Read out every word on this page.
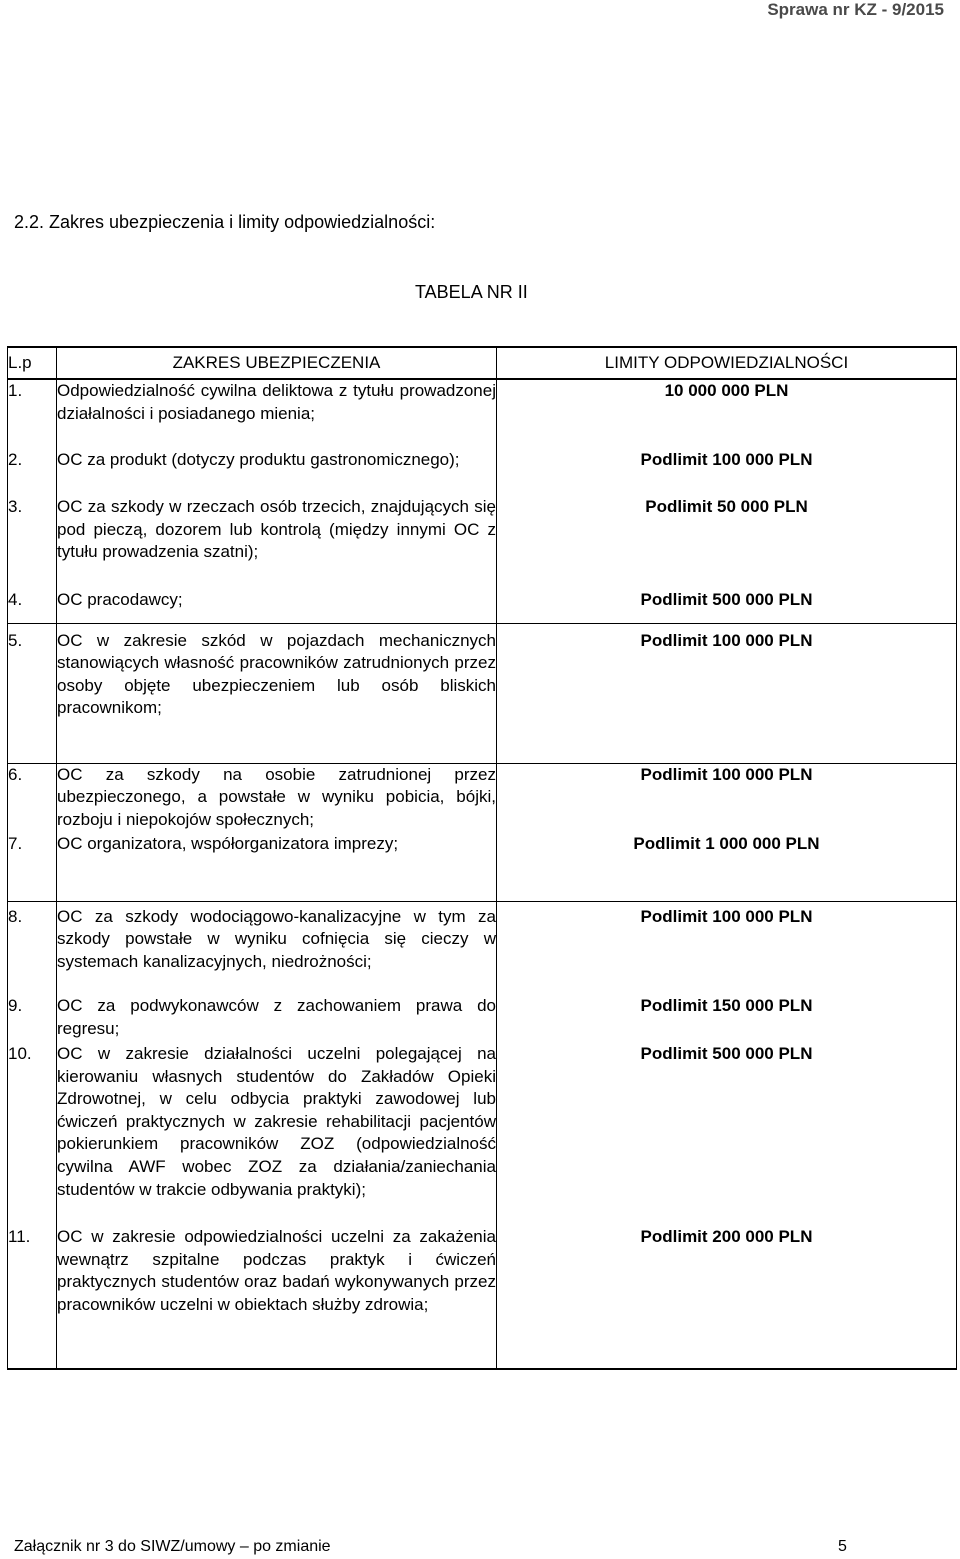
Sprawa nr KZ - 9/2015
2.2. Zakres ubezpieczenia i limity odpowiedzialności:
TABELA NR II
L.p	ZAKRES UBEZPIECZENIA	LIMITY ODPOWIEDZIALNOŚCI
1.	Odpowiedzialność cywilna deliktowa z tytułu prowadzonej działalności i posiadanego mienia;	10 000 000 PLN
2.	OC za produkt (dotyczy produktu gastronomicznego);	Podlimit 100 000 PLN
3.	OC za szkody w rzeczach osób trzecich, znajdujących się pod pieczą, dozorem lub kontrolą (między innymi OC z tytułu prowadzenia szatni);	Podlimit 50 000 PLN
4.	OC pracodawcy;	Podlimit 500 000 PLN
5.	OC w zakresie szkód w pojazdach mechanicznych stanowiących własność pracowników zatrudnionych przez osoby objęte ubezpieczeniem lub osób bliskich pracownikom;	Podlimit 100 000 PLN
6.	OC za szkody na osobie zatrudnionej przez ubezpieczonego, a powstałe w wyniku pobicia, bójki, rozboju i niepokojów społecznych;	Podlimit 100 000 PLN
7.	OC organizatora, współorganizatora imprezy;	Podlimit 1 000 000 PLN
8.	OC za szkody wodociągowo-kanalizacyjne w tym za szkody powstałe w wyniku cofnięcia się cieczy w systemach kanalizacyjnych, niedrożności;	Podlimit 100 000 PLN
9.	OC za podwykonawców z zachowaniem prawa do regresu;	Podlimit 150 000 PLN
10.	OC w zakresie działalności uczelni polegającej na kierowaniu własnych studentów do Zakładów Opieki Zdrowotnej, w celu odbycia praktyki zawodowej lub ćwiczeń praktycznych w zakresie rehabilitacji pacjentów pokierunkiem pracowników ZOZ (odpowiedzialność cywilna AWF wobec ZOZ za działania/zaniechania studentów w trakcie odbywania praktyki);	Podlimit 500 000 PLN
11.	OC w zakresie odpowiedzialności uczelni za zakażenia wewnątrz szpitalne podczas praktyk i ćwiczeń praktycznych studentów oraz badań wykonywanych przez pracowników uczelni w obiektach służby zdrowia;	Podlimit 200 000 PLN
Załącznik nr 3 do SIWZ/umowy – po zmianie	5
